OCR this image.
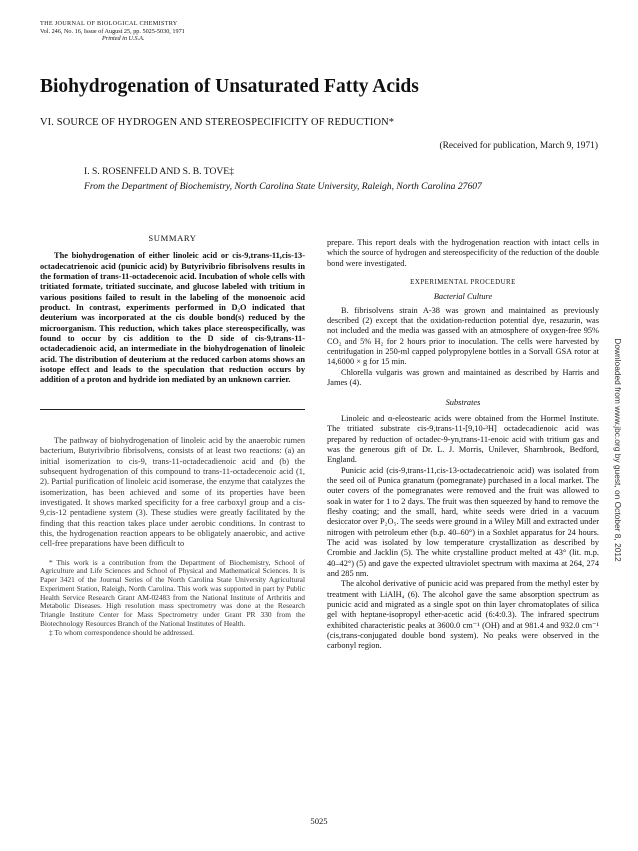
THE JOURNAL OF BIOLOGICAL CHEMISTRY
Vol. 246, No. 16, Issue of August 25, pp. 5025-5030, 1971
Printed in U.S.A.
Biohydrogenation of Unsaturated Fatty Acids
VI. SOURCE OF HYDROGEN AND STEREOSPECIFICITY OF REDUCTION*
(Received for publication, March 9, 1971)
I. S. ROSENFELD AND S. B. TOVE‡
From the Department of Biochemistry, North Carolina State University, Raleigh, North Carolina 27607
SUMMARY

The biohydrogenation of either linoleic acid or cis-9,trans-11,cis-13-octadecatrienoic acid (punicic acid) by Butyrivibrio fibrisolvens results in the formation of trans-11-octadecenoic acid. Incubation of whole cells with tritiated formate, tritiated succinate, and glucose labeled with tritium in various positions failed to result in the labeling of the monoenoic acid product. In contrast, experiments performed in D₂O indicated that deuterium was incorporated at the cis double bond(s) reduced by the microorganism. This reduction, which takes place stereospecifically, was found to occur by cis addition to the D side of cis-9,trans-11-octadecadienoic acid, an intermediate in the biohydrogenation of linoleic acid. The distribution of deuterium at the reduced carbon atoms shows an isotope effect and leads to the speculation that reduction occurs by addition of a proton and hydride ion mediated by an unknown carrier.

The pathway of biohydrogenation of linoleic acid by the anaerobic rumen bacterium, Butyrivibrio fibrisolvens, consists of at least two reactions: (a) an initial isomerization to cis-9, trans-11-octadecadienoic acid and (b) the subsequent hydrogenation of this compound to trans-11-octadecenoic acid (1, 2). Partial purification of linoleic acid isomerase, the enzyme that catalyzes the isomerization, has been achieved and some of its properties have been investigated. It shows marked specificity for a free carboxyl group and a cis-9,cis-12 pentadiene system (3). These studies were greatly facilitated by the finding that this reaction takes place under aerobic conditions. In contrast to this, the hydrogenation reaction appears to be obligately anaerobic, and active cell-free preparations have been difficult to

* This work is a contribution from the Department of Biochemistry, School of Agriculture and Life Sciences and School of Physical and Mathematical Sciences. It is Paper 3421 of the Journal Series of the North Carolina State University Agricultural Experiment Station, Raleigh, North Carolina. This work was supported in part by Public Health Service Research Grant AM-02483 from the National Institute of Arthritis and Metabolic Diseases. High resolution mass spectrometry was done at the Research Triangle Institute Center for Mass Spectrometry under Grant PR 330 from the Biotechnology Resources Branch of the National Institutes of Health.

‡ To whom correspondence should be addressed.

prepare. This report deals with the hydrogenation reaction with intact cells in which the source of hydrogen and stereospecificity of the reduction of the double bond were investigated.

EXPERIMENTAL PROCEDURE
Bacterial Culture

B. fibrisolvens strain A-38 was grown and maintained as previously described (2) except that the oxidation-reduction potential dye, resazurin, was not included and the media was gassed with an atmosphere of oxygen-free 95% CO₂ and 5% H₂ for 2 hours prior to inoculation. The cells were harvested by centrifugation in 250-ml capped polypropylene bottles in a Sorvall GSA rotor at 14,6000 × g for 15 min.

Chlorella vulgaris was grown and maintained as described by Harris and James (4).

Substrates

Linoleic and α-eleostearic acids were obtained from the Hormel Institute. The tritiated substrate cis-9,trans-11-[9,10-³H] octadecadienoic acid was prepared by reduction of octadec-9-yn,trans-11-enoic acid with tritium gas and was the generous gift of Dr. L. J. Morris, Unilever, Sharnbrook, Bedford, England.

Punicic acid (cis-9,trans-11,cis-13-octadecatrienoic acid) was isolated from the seed oil of Punica granatum (pomegranate) purchased in a local market. The outer covers of the pomegranates were removed and the fruit was allowed to soak in water for 1 to 2 days. The fruit was then squeezed by hand to remove the fleshy coating; and the small, hard, white seeds were dried in a vacuum desiccator over P₂O₅. The seeds were ground in a Wiley Mill and extracted under nitrogen with petroleum ether (b.p. 40–60°) in a Soxhlet apparatus for 24 hours. The acid was isolated by low temperature crystallization as described by Crombie and Jacklin (5). The white crystalline product melted at 43° (lit. m.p. 40–42°) (5) and gave the expected ultraviolet spectrum with maxima at 264, 274 and 285 nm.

The alcohol derivative of punicic acid was prepared from the methyl ester by treatment with LiAlH₄ (6). The alcohol gave the same absorption spectrum as punicic acid and migrated as a single spot on thin layer chromatoplates of silica gel with heptane-isopropyl ether-acetic acid (6:4:0.3). The infrared spectrum exhibited characteristic peaks at 3600.0 cm⁻¹ (OH) and at 981.4 and 932.0 cm⁻¹ (cis,trans-conjugated double bond system). No peaks were observed in the carbonyl region.

5025
Downloaded from www.jbc.org by guest, on October 8, 2012
